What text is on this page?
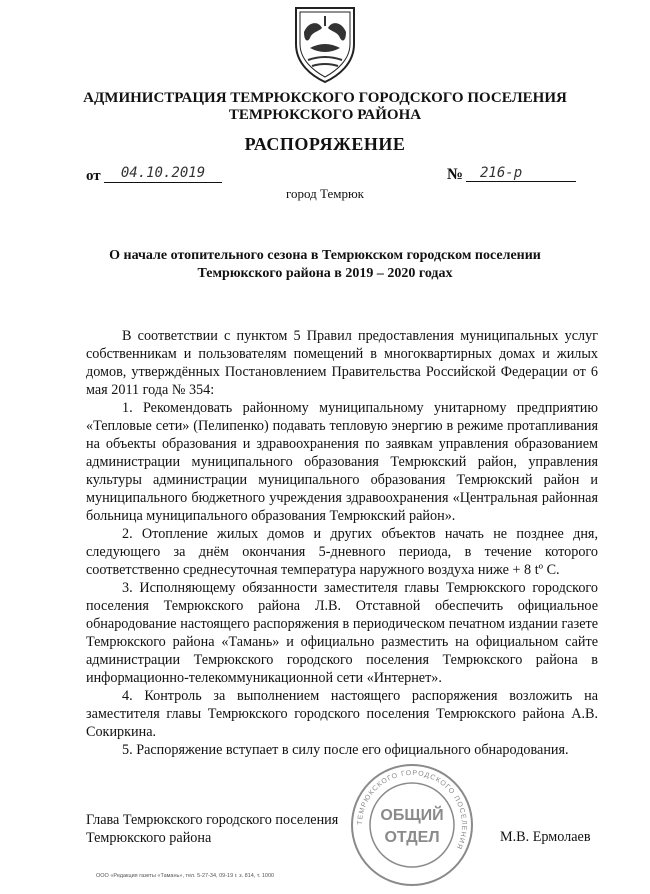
АДМИНИСТРАЦИЯ ТЕМРЮКСКОГО ГОРОДСКОГО ПОСЕЛЕНИЯ
ТЕМРЮКСКОГО РАЙОНА
РАСПОРЯЖЕНИЕ
от	04.10.2019	№	216-р
город Темрюк
О начале отопительного сезона в Темрюкском городском поселении
Темрюкского района в 2019 – 2020 годах

В соответствии с пунктом 5 Правил предоставления муниципальных услуг собственникам и пользователям помещений в многоквартирных домах и жилых домов, утверждённых Постановлением Правительства Российской Федерации от 6 мая 2011 года № 354:

1. Рекомендовать районному муниципальному унитарному предприятию «Тепловые сети» (Пелипенко) подавать тепловую энергию в режиме протапливания на объекты образования и здравоохранения по заявкам управления образованием администрации муниципального образования Темрюкский район, управления культуры администрации муниципального образования Темрюкский район и муниципального бюджетного учреждения здравоохранения «Центральная районная больница муниципального образования Темрюкский район».

2. Отопление жилых домов и других объектов начать не позднее дня, следующего за днём окончания 5-дневного периода, в течение которого соответственно среднесуточная температура наружного воздуха ниже + 8 tº С.

3. Исполняющему обязанности заместителя главы Темрюкского городского поселения Темрюкского района Л.В. Отставной обеспечить официальное обнародование настоящего распоряжения в периодическом печатном издании газете Темрюкского района «Тамань» и официально разместить на официальном сайте администрации Темрюкского городского поселения Темрюкского района в информационно-телекоммуникационной сети «Интернет».

4. Контроль за выполнением настоящего распоряжения возложить на заместителя главы Темрюкского городского поселения Темрюкского района А.В. Сокиркина.

5. Распоряжение вступает в силу после его официального обнародования.

ТЕМРЮКСКОГО ГОРОДСКОГО ПОСЕЛЕНИЯ
ОБЩИЙ
ОТДЕЛ
Глава Темрюкского городского поселения
Темрюкского района	М.В. Ермолаев
ООО «Редакция газеты «Тамань», тел. 5-27-34, 09-19 г. з. 814, т. 1000
